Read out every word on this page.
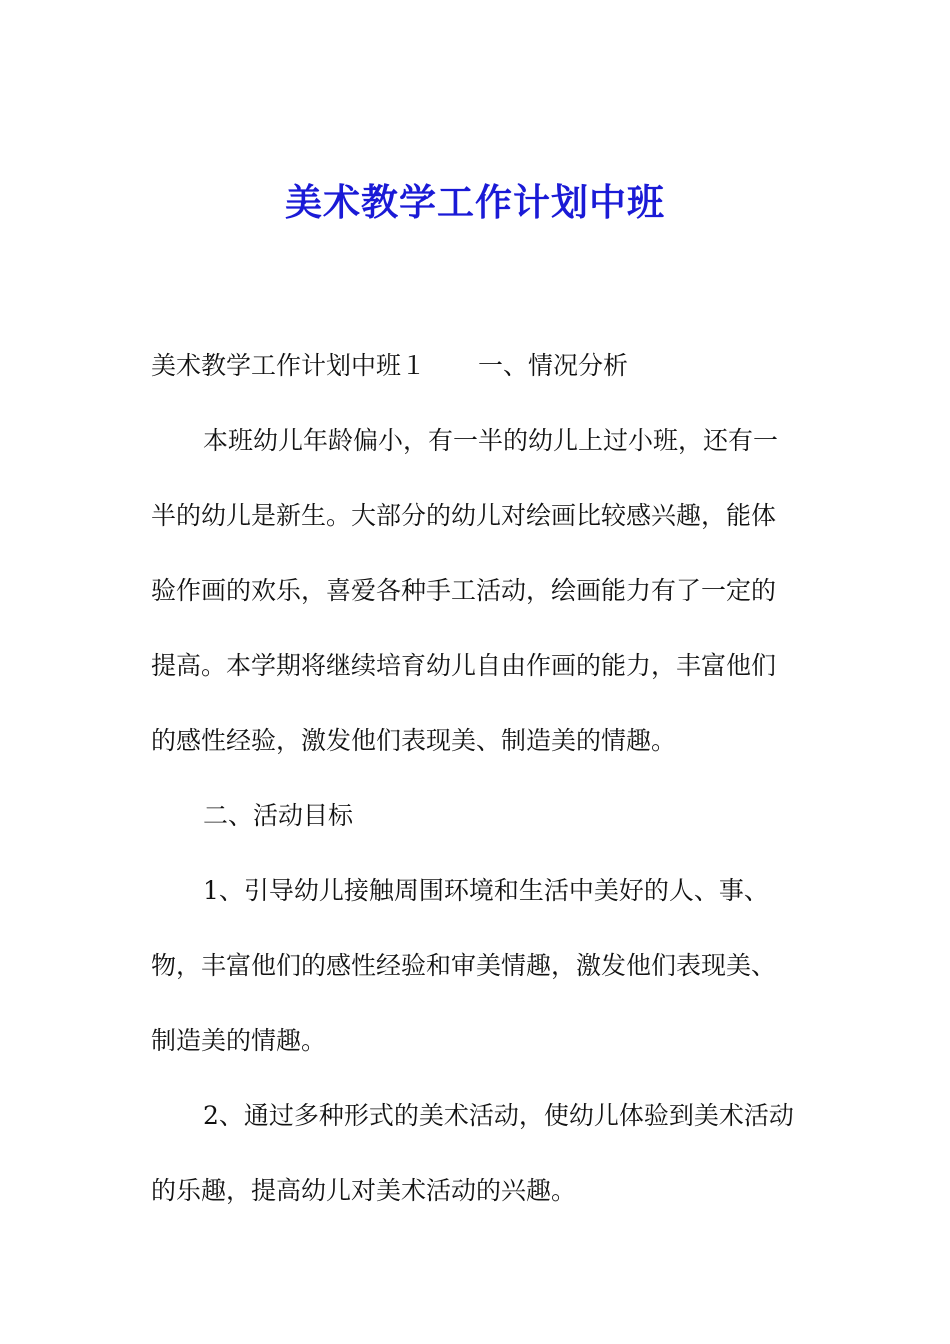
美术教学工作计划中班
美术教学工作计划中班１ 一、情况分析
本班幼儿年龄偏小，有一半的幼儿上过小班，还有一
半的幼儿是新生。大部分的幼儿对绘画比较感兴趣，能体
验作画的欢乐，喜爱各种手工活动，绘画能力有了一定的
提高。本学期将继续培育幼儿自由作画的能力，丰富他们
的感性经验，激发他们表现美、制造美的情趣。
二、活动目标
1、引导幼儿接触周围环境和生活中美好的人、事、
物，丰富他们的感性经验和审美情趣，激发他们表现美、
制造美的情趣。
2、通过多种形式的美术活动，使幼儿体验到美术活动
的乐趣，提高幼儿对美术活动的兴趣。
